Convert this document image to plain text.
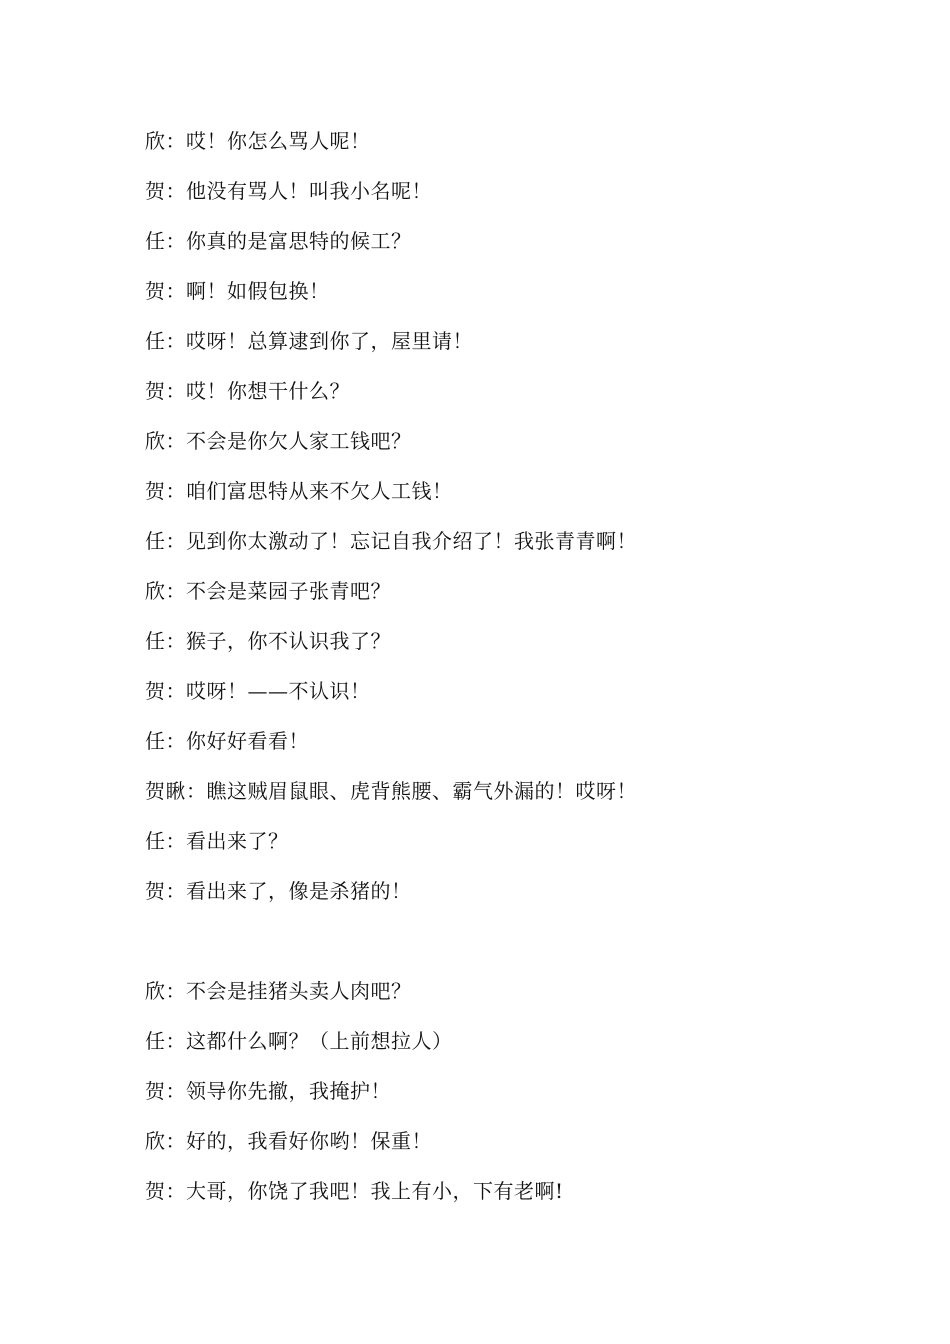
欣：哎！你怎么骂人呢！
贺：他没有骂人！叫我小名呢！
任：你真的是富思特的候工？
贺：啊！如假包换！
任：哎呀！总算逮到你了，屋里请！
贺：哎！你想干什么？
欣：不会是你欠人家工钱吧？
贺：咱们富思特从来不欠人工钱！
任：见到你太激动了！忘记自我介绍了！我张青青啊！
欣：不会是菜园子张青吧？
任：猴子，你不认识我了？
贺：哎呀！——不认识！
任：你好好看看！
贺瞅：瞧这贼眉鼠眼、虎背熊腰、霸气外漏的！哎呀！
任：看出来了？
贺：看出来了，像是杀猪的！
欣：不会是挂猪头卖人肉吧？
任：这都什么啊？（上前想拉人）
贺：领导你先撤，我掩护！
欣：好的，我看好你哟！保重！
贺：大哥，你饶了我吧！我上有小，下有老啊!
